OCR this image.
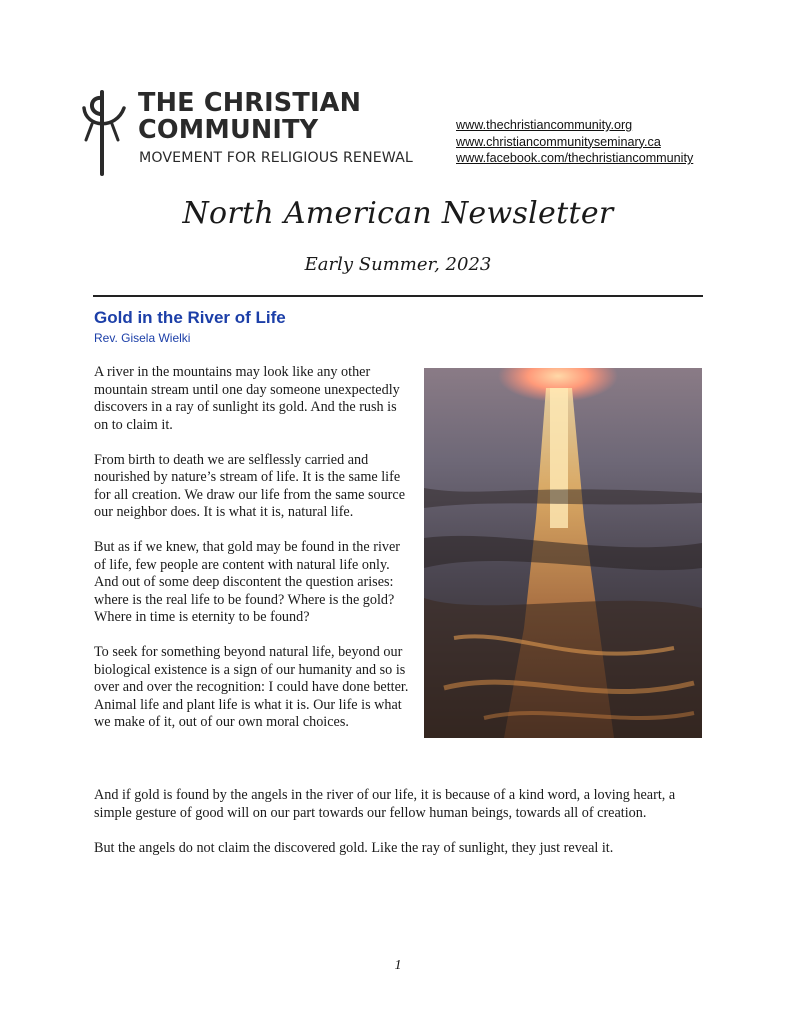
THE CHRISTIAN
COMMUNITY
MOVEMENT FOR RELIGIOUS RENEWAL
www.thechristiancommunity.org
www.christiancommunityseminary.ca
www.facebook.com/thechristiancommunity
North American Newsletter
Early Summer, 2023
Gold in the River of Life
Rev. Gisela Wielki

A river in the mountains may look like any other mountain stream until one day someone unexpectedly discovers in a ray of sunlight its gold. And the rush is on to claim it.

From birth to death we are selflessly carried and nourished by nature’s stream of life. It is the same life for all creation. We draw our life from the same source our neighbor does. It is what it is, natural life.

But as if we knew, that gold may be found in the river of life, few people are content with natural life only. And out of some deep discontent the question arises: where is the real life to be found? Where is the gold? Where in time is eternity to be found?

To seek for something beyond natural life, beyond our biological existence is a sign of our humanity and so is over and over the recognition: I could have done better. Animal life and plant life is what it is. Our life is what we make of it, out of our own moral choices.

And if gold is found by the angels in the river of our life, it is because of a kind word, a loving heart, a simple gesture of good will on our part towards our fellow human beings, towards all of creation.

But the angels do not claim the discovered gold. Like the ray of sunlight, they just reveal it.

1
